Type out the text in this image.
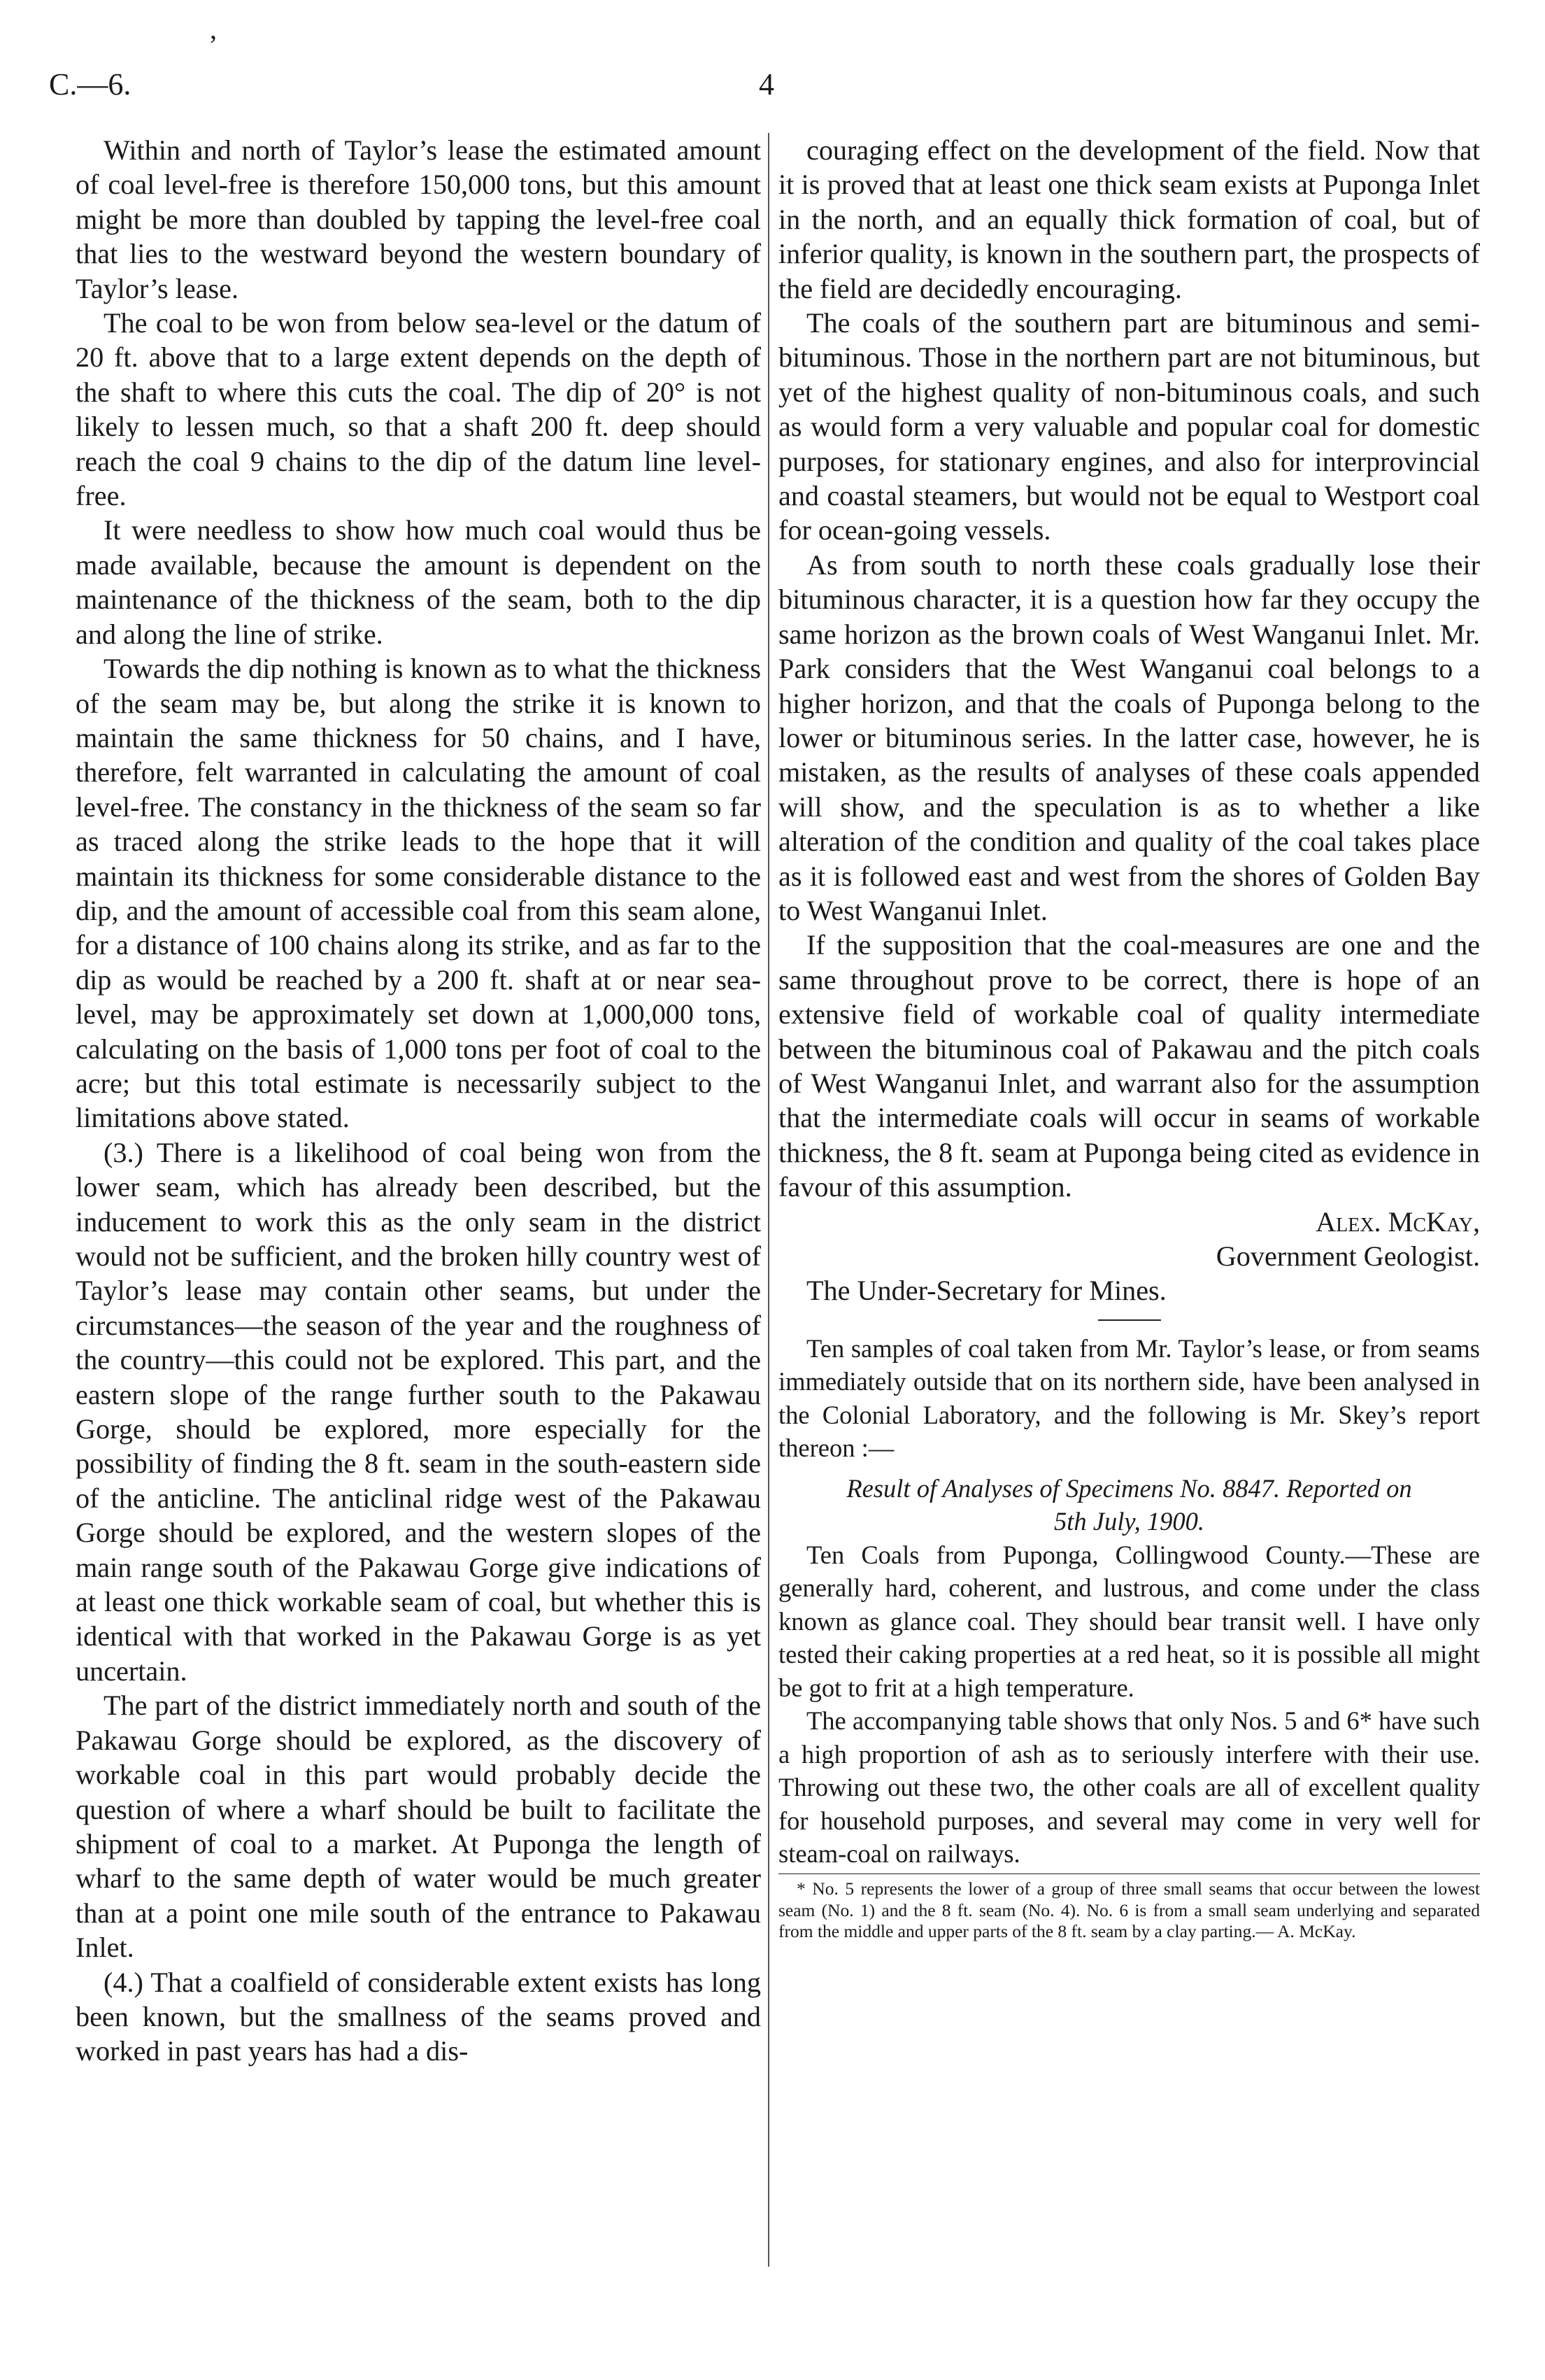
,
C.—6.	4

Within and north of Taylor’s lease the estimated amount of coal level-free is therefore 150,000 tons, but this amount might be more than doubled by tapping the level-free coal that lies to the westward beyond the western boundary of Taylor’s lease.

The coal to be won from below sea-level or the datum of 20 ft. above that to a large extent depends on the depth of the shaft to where this cuts the coal. The dip of 20° is not likely to lessen much, so that a shaft 200 ft. deep should reach the coal 9 chains to the dip of the datum line level-free.

It were needless to show how much coal would thus be made available, because the amount is dependent on the maintenance of the thickness of the seam, both to the dip and along the line of strike.

Towards the dip nothing is known as to what the thickness of the seam may be, but along the strike it is known to maintain the same thickness for 50 chains, and I have, therefore, felt warranted in calculating the amount of coal level-free. The constancy in the thickness of the seam so far as traced along the strike leads to the hope that it will maintain its thickness for some considerable distance to the dip, and the amount of accessible coal from this seam alone, for a distance of 100 chains along its strike, and as far to the dip as would be reached by a 200 ft. shaft at or near sea-level, may be approximately set down at 1,000,000 tons, calculating on the basis of 1,000 tons per foot of coal to the acre; but this total estimate is necessarily subject to the limitations above stated.

(3.) There is a likelihood of coal being won from the lower seam, which has already been described, but the inducement to work this as the only seam in the district would not be sufficient, and the broken hilly country west of Taylor’s lease may contain other seams, but under the circumstances—the season of the year and the roughness of the country—this could not be explored. This part, and the eastern slope of the range further south to the Pakawau Gorge, should be explored, more especially for the possibility of finding the 8 ft. seam in the south-eastern side of the anticline. The anticlinal ridge west of the Pakawau Gorge should be explored, and the western slopes of the main range south of the Pakawau Gorge give indications of at least one thick workable seam of coal, but whether this is identical with that worked in the Pakawau Gorge is as yet uncertain.

The part of the district immediately north and south of the Pakawau Gorge should be explored, as the discovery of workable coal in this part would probably decide the question of where a wharf should be built to facilitate the shipment of coal to a market. At Puponga the length of wharf to the same depth of water would be much greater than at a point one mile south of the entrance to Pakawau Inlet.

(4.) That a coalfield of considerable extent exists has long been known, but the smallness of the seams proved and worked in past years has had a dis-

couraging effect on the development of the field. Now that it is proved that at least one thick seam exists at Puponga Inlet in the north, and an equally thick formation of coal, but of inferior quality, is known in the southern part, the prospects of the field are decidedly encouraging.

The coals of the southern part are bituminous and semi-bituminous. Those in the northern part are not bituminous, but yet of the highest quality of non-bituminous coals, and such as would form a very valuable and popular coal for domestic purposes, for stationary engines, and also for interprovincial and coastal steamers, but would not be equal to Westport coal for ocean-going vessels.

As from south to north these coals gradually lose their bituminous character, it is a question how far they occupy the same horizon as the brown coals of West Wanganui Inlet. Mr. Park considers that the West Wanganui coal belongs to a higher horizon, and that the coals of Puponga belong to the lower or bituminous series. In the latter case, however, he is mistaken, as the results of analyses of these coals appended will show, and the speculation is as to whether a like alteration of the condition and quality of the coal takes place as it is followed east and west from the shores of Golden Bay to West Wanganui Inlet.

If the supposition that the coal-measures are one and the same throughout prove to be correct, there is hope of an extensive field of workable coal of quality intermediate between the bituminous coal of Pakawau and the pitch coals of West Wanganui Inlet, and warrant also for the assumption that the intermediate coals will occur in seams of workable thickness, the 8 ft. seam at Puponga being cited as evidence in favour of this assumption.

Alex. McKay,

Government Geologist.

The Under-Secretary for Mines.

Ten samples of coal taken from Mr. Taylor’s lease, or from seams immediately outside that on its northern side, have been analysed in the Colonial Laboratory, and the following is Mr. Skey’s report thereon :—

Result of Analyses of Specimens No. 8847. Reported on

5th July, 1900.

Ten Coals from Puponga, Collingwood County.—These are generally hard, coherent, and lustrous, and come under the class known as glance coal. They should bear transit well. I have only tested their caking properties at a red heat, so it is possible all might be got to frit at a high temperature.

The accompanying table shows that only Nos. 5 and 6* have such a high proportion of ash as to seriously interfere with their use. Throwing out these two, the other coals are all of excellent quality for household purposes, and several may come in very well for steam-coal on railways.

* No. 5 represents the lower of a group of three small seams that occur between the lowest seam (No. 1) and the 8 ft. seam (No. 4). No. 6 is from a small seam underlying and separated from the middle and upper parts of the 8 ft. seam by a clay parting.— A. McKay.
